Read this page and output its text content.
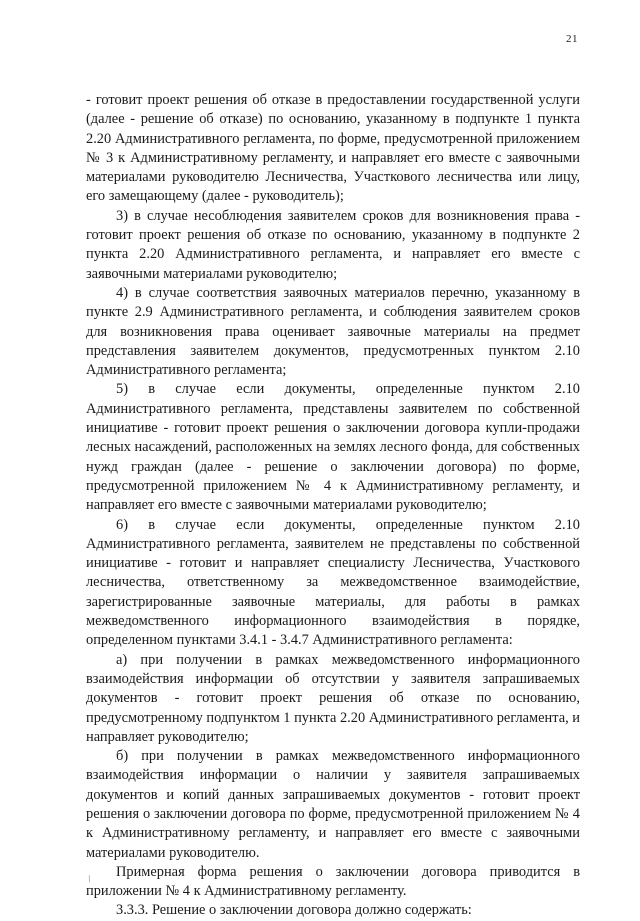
21

- готовит проект решения об отказе в предоставлении государственной услуги (далее - решение об отказе) по основанию, указанному в подпункте 1 пункта 2.20 Административного регламента, по форме, предусмотренной приложением № 3 к Административному регламенту, и направляет его вместе с заявочными материалами руководителю Лесничества, Участкового лесничества или лицу, его замещающему (далее - руководитель);

3) в случае несоблюдения заявителем сроков для возникновения права - готовит проект решения об отказе по основанию, указанному в подпункте 2 пункта 2.20 Административного регламента, и направляет его вместе с заявочными материалами руководителю;

4) в случае соответствия заявочных материалов перечню, указанному в пункте 2.9 Административного регламента, и соблюдения заявителем сроков для возникновения права оценивает заявочные материалы на предмет представления заявителем документов, предусмотренных пунктом 2.10 Административного регламента;

5) в случае если документы, определенные пунктом 2.10 Административного регламента, представлены заявителем по собственной инициативе - готовит проект решения о заключении договора купли-продажи лесных насаждений, расположенных на землях лесного фонда, для собственных нужд граждан (далее - решение о заключении договора) по форме, предусмотренной приложением № 4 к Административному регламенту, и направляет его вместе с заявочными материалами руководителю;

6) в случае если документы, определенные пунктом 2.10 Административного регламента, заявителем не представлены по собственной инициативе - готовит и направляет специалисту Лесничества, Участкового лесничества, ответственному за межведомственное взаимодействие, зарегистрированные заявочные материалы, для работы в рамках межведомственного информационного взаимодействия в порядке, определенном пунктами 3.4.1 - 3.4.7 Административного регламента:

а) при получении в рамках межведомственного информационного взаимодействия информации об отсутствии у заявителя запрашиваемых документов - готовит проект решения об отказе по основанию, предусмотренному подпунктом 1 пункта 2.20 Административного регламента, и направляет руководителю;

б) при получении в рамках межведомственного информационного взаимодействия информации о наличии у заявителя запрашиваемых документов и копий данных запрашиваемых документов - готовит проект решения о заключении договора по форме, предусмотренной приложением № 4 к Административному регламенту, и направляет его вместе с заявочными материалами руководителю.

Примерная форма решения о заключении договора приводится в приложении № 4 к Административному регламенту.

3.3.3. Решение о заключении договора должно содержать:

/
